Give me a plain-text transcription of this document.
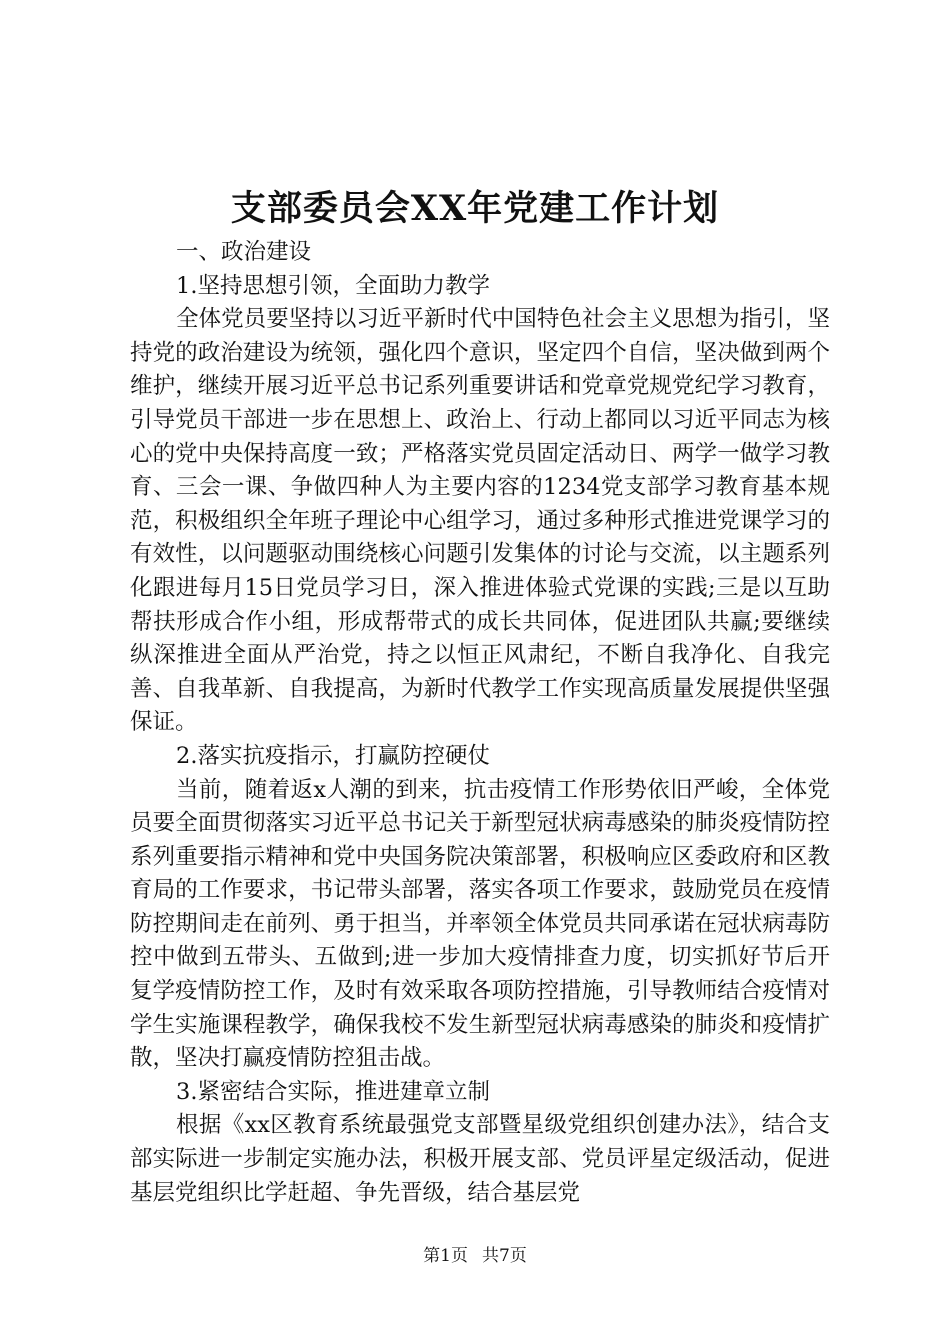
支部委员会XX年党建工作计划

一、政治建设

1.坚持思想引领，全面助力教学

全体党员要坚持以习近平新时代中国特色社会主义思想为指引，坚持党的政治建设为统领，强化四个意识，坚定四个自信，坚决做到两个维护，继续开展习近平总书记系列重要讲话和党章党规党纪学习教育，引导党员干部进一步在思想上、政治上、行动上都同以习近平同志为核心的党中央保持高度一致；严格落实党员固定活动日、两学一做学习教育、三会一课、争做四种人为主要内容的1234党支部学习教育基本规范，积极组织全年班子理论中心组学习，通过多种形式推进党课学习的有效性，以问题驱动围绕核心问题引发集体的讨论与交流，以主题系列化跟进每月15日党员学习日，深入推进体验式党课的实践;三是以互助帮扶形成合作小组，形成帮带式的成长共同体，促进团队共赢;要继续纵深推进全面从严治党，持之以恒正风肃纪，不断自我净化、自我完善、自我革新、自我提高，为新时代教学工作实现高质量发展提供坚强保证。

2.落实抗疫指示，打赢防控硬仗

当前，随着返x人潮的到来，抗击疫情工作形势依旧严峻，全体党员要全面贯彻落实习近平总书记关于新型冠状病毒感染的肺炎疫情防控系列重要指示精神和党中央国务院决策部署，积极响应区委政府和区教育局的工作要求，书记带头部署，落实各项工作要求，鼓励党员在疫情防控期间走在前列、勇于担当，并率领全体党员共同承诺在冠状病毒防控中做到五带头、五做到;进一步加大疫情排查力度，切实抓好节后开复学疫情防控工作，及时有效采取各项防控措施，引导教师结合疫情对学生实施课程教学，确保我校不发生新型冠状病毒感染的肺炎和疫情扩散，坚决打赢疫情防控狙击战。

3.紧密结合实际，推进建章立制

根据《xx区教育系统最强党支部暨星级党组织创建办法》，结合支部实际进一步制定实施办法，积极开展支部、党员评星定级活动，促进基层党组织比学赶超、争先晋级，结合基层党

第1页 共7页
